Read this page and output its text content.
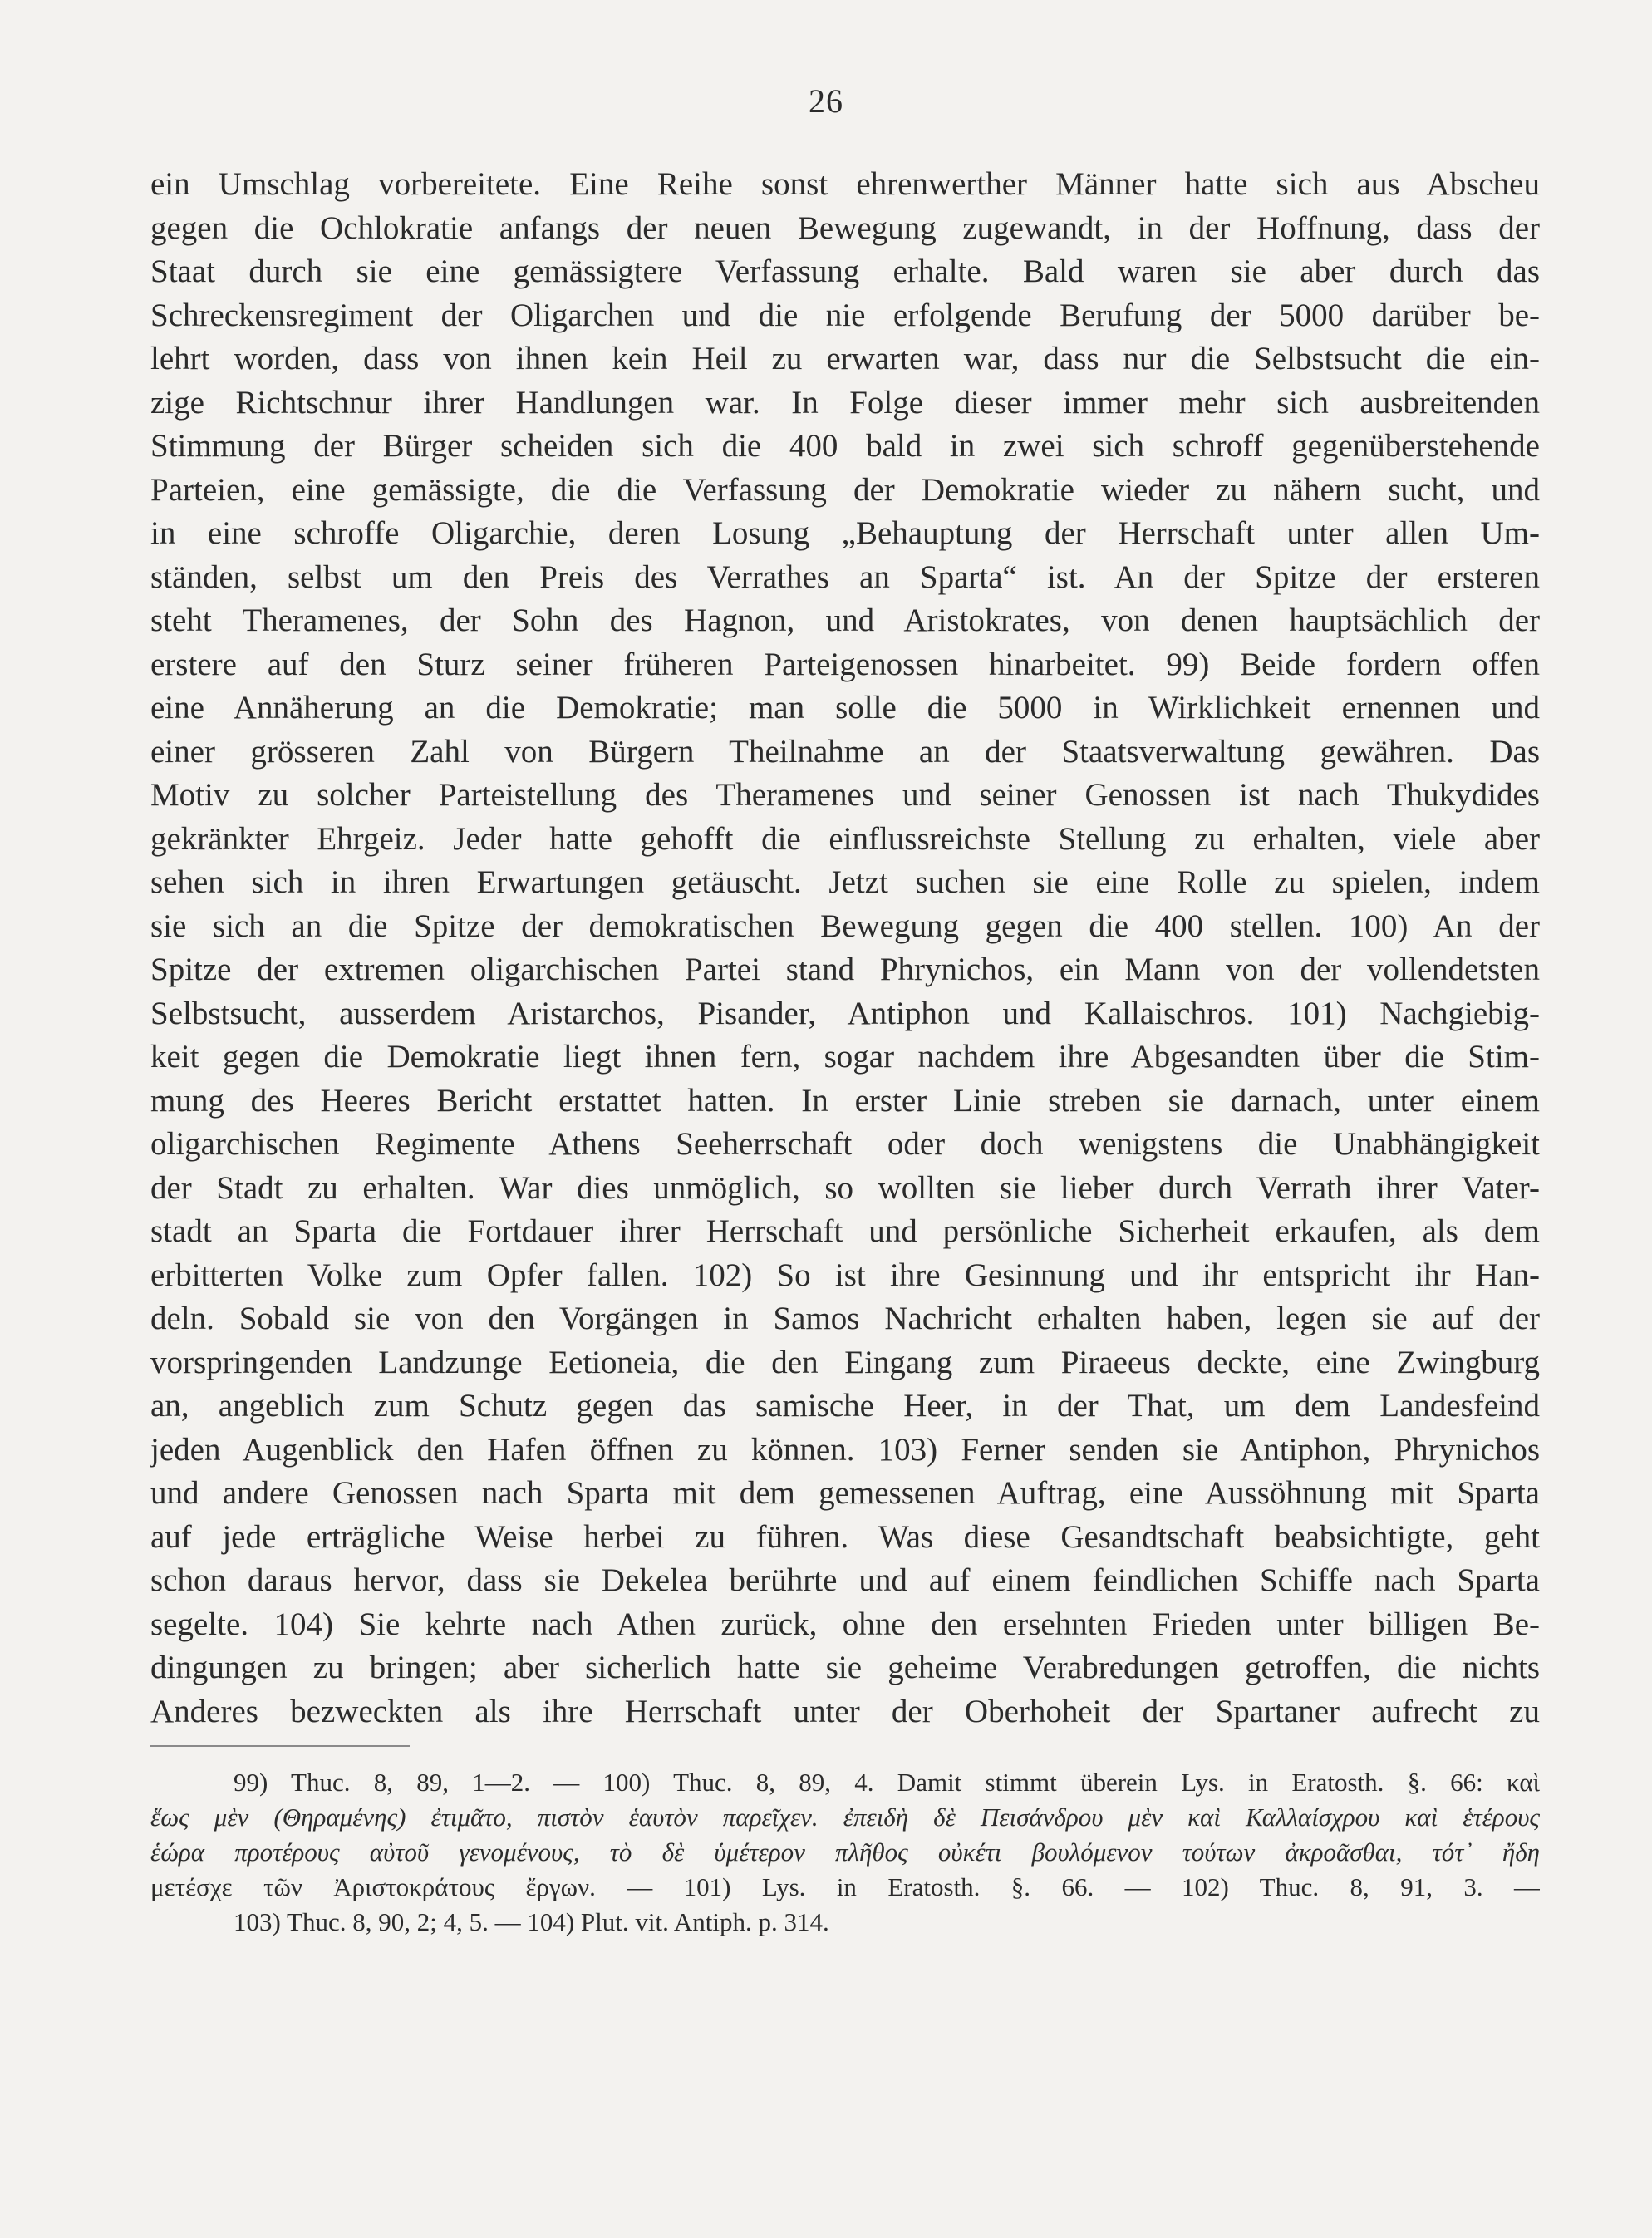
26
ein Umschlag vorbereitete. Eine Reihe sonst ehrenwerther Männer hatte sich aus Abscheu
gegen die Ochlokratie anfangs der neuen Bewegung zugewandt, in der Hoffnung, dass der
Staat durch sie eine gemässigtere Verfassung erhalte. Bald waren sie aber durch das
Schreckensregiment der Oligarchen und die nie erfolgende Berufung der 5000 darüber be-
lehrt worden, dass von ihnen kein Heil zu erwarten war, dass nur die Selbstsucht die ein-
zige Richtschnur ihrer Handlungen war. In Folge dieser immer mehr sich ausbreitenden
Stimmung der Bürger scheiden sich die 400 bald in zwei sich schroff gegenüberstehende
Parteien, eine gemässigte, die die Verfassung der Demokratie wieder zu nähern sucht, und
in eine schroffe Oligarchie, deren Losung „Behauptung der Herrschaft unter allen Um-
ständen, selbst um den Preis des Verrathes an Sparta“ ist. An der Spitze der ersteren
steht Theramenes, der Sohn des Hagnon, und Aristokrates, von denen hauptsächlich der
erstere auf den Sturz seiner früheren Parteigenossen hinarbeitet. 99) Beide fordern offen
eine Annäherung an die Demokratie; man solle die 5000 in Wirklichkeit ernennen und
einer grösseren Zahl von Bürgern Theilnahme an der Staatsverwaltung gewähren. Das
Motiv zu solcher Parteistellung des Theramenes und seiner Genossen ist nach Thukydides
gekränkter Ehrgeiz. Jeder hatte gehofft die einflussreichste Stellung zu erhalten, viele aber
sehen sich in ihren Erwartungen getäuscht. Jetzt suchen sie eine Rolle zu spielen, indem
sie sich an die Spitze der demokratischen Bewegung gegen die 400 stellen. 100) An der
Spitze der extremen oligarchischen Partei stand Phrynichos, ein Mann von der vollendetsten
Selbstsucht, ausserdem Aristarchos, Pisander, Antiphon und Kallaischros. 101) Nachgiebig-
keit gegen die Demokratie liegt ihnen fern, sogar nachdem ihre Abgesandten über die Stim-
mung des Heeres Bericht erstattet hatten. In erster Linie streben sie darnach, unter einem
oligarchischen Regimente Athens Seeherrschaft oder doch wenigstens die Unabhängigkeit
der Stadt zu erhalten. War dies unmöglich, so wollten sie lieber durch Verrath ihrer Vater-
stadt an Sparta die Fortdauer ihrer Herrschaft und persönliche Sicherheit erkaufen, als dem
erbitterten Volke zum Opfer fallen. 102) So ist ihre Gesinnung und ihr entspricht ihr Han-
deln. Sobald sie von den Vorgängen in Samos Nachricht erhalten haben, legen sie auf der
vorspringenden Landzunge Eetioneia, die den Eingang zum Piraeeus deckte, eine Zwingburg
an, angeblich zum Schutz gegen das samische Heer, in der That, um dem Landesfeind
jeden Augenblick den Hafen öffnen zu können. 103) Ferner senden sie Antiphon, Phrynichos
und andere Genossen nach Sparta mit dem gemessenen Auftrag, eine Aussöhnung mit Sparta
auf jede erträgliche Weise herbei zu führen. Was diese Gesandtschaft beabsichtigte, geht
schon daraus hervor, dass sie Dekelea berührte und auf einem feindlichen Schiffe nach Sparta
segelte. 104) Sie kehrte nach Athen zurück, ohne den ersehnten Frieden unter billigen Be-
dingungen zu bringen; aber sicherlich hatte sie geheime Verabredungen getroffen, die nichts
Anderes bezweckten als ihre Herrschaft unter der Oberhoheit der Spartaner aufrecht zu
99) Thuc. 8, 89, 1—2. — 100) Thuc. 8, 89, 4. Damit stimmt überein Lys. in Eratosth. §. 66: καὶ
ἕως μὲν (Θηραμένης) ἐτιμᾶτο, πιστὸν ἑαυτὸν παρεῖχεν. ἐπειδὴ δὲ Πεισάνδρου μὲν καὶ Καλλαίσχρου καὶ ἑτέρους
ἑώρα προτέρους αὐτοῦ γενομένους, τὸ δὲ ὑμέτερον πλῆθος οὐκέτι βουλόμενον τούτων ἀκροᾶσθαι, τότ᾽ ἤδη
μετέσχε τῶν Ἀριστοκράτους ἔργων. — 101) Lys. in Eratosth. §. 66. — 102) Thuc. 8, 91, 3. —
103) Thuc. 8, 90, 2; 4, 5. — 104) Plut. vit. Antiph. p. 314.
